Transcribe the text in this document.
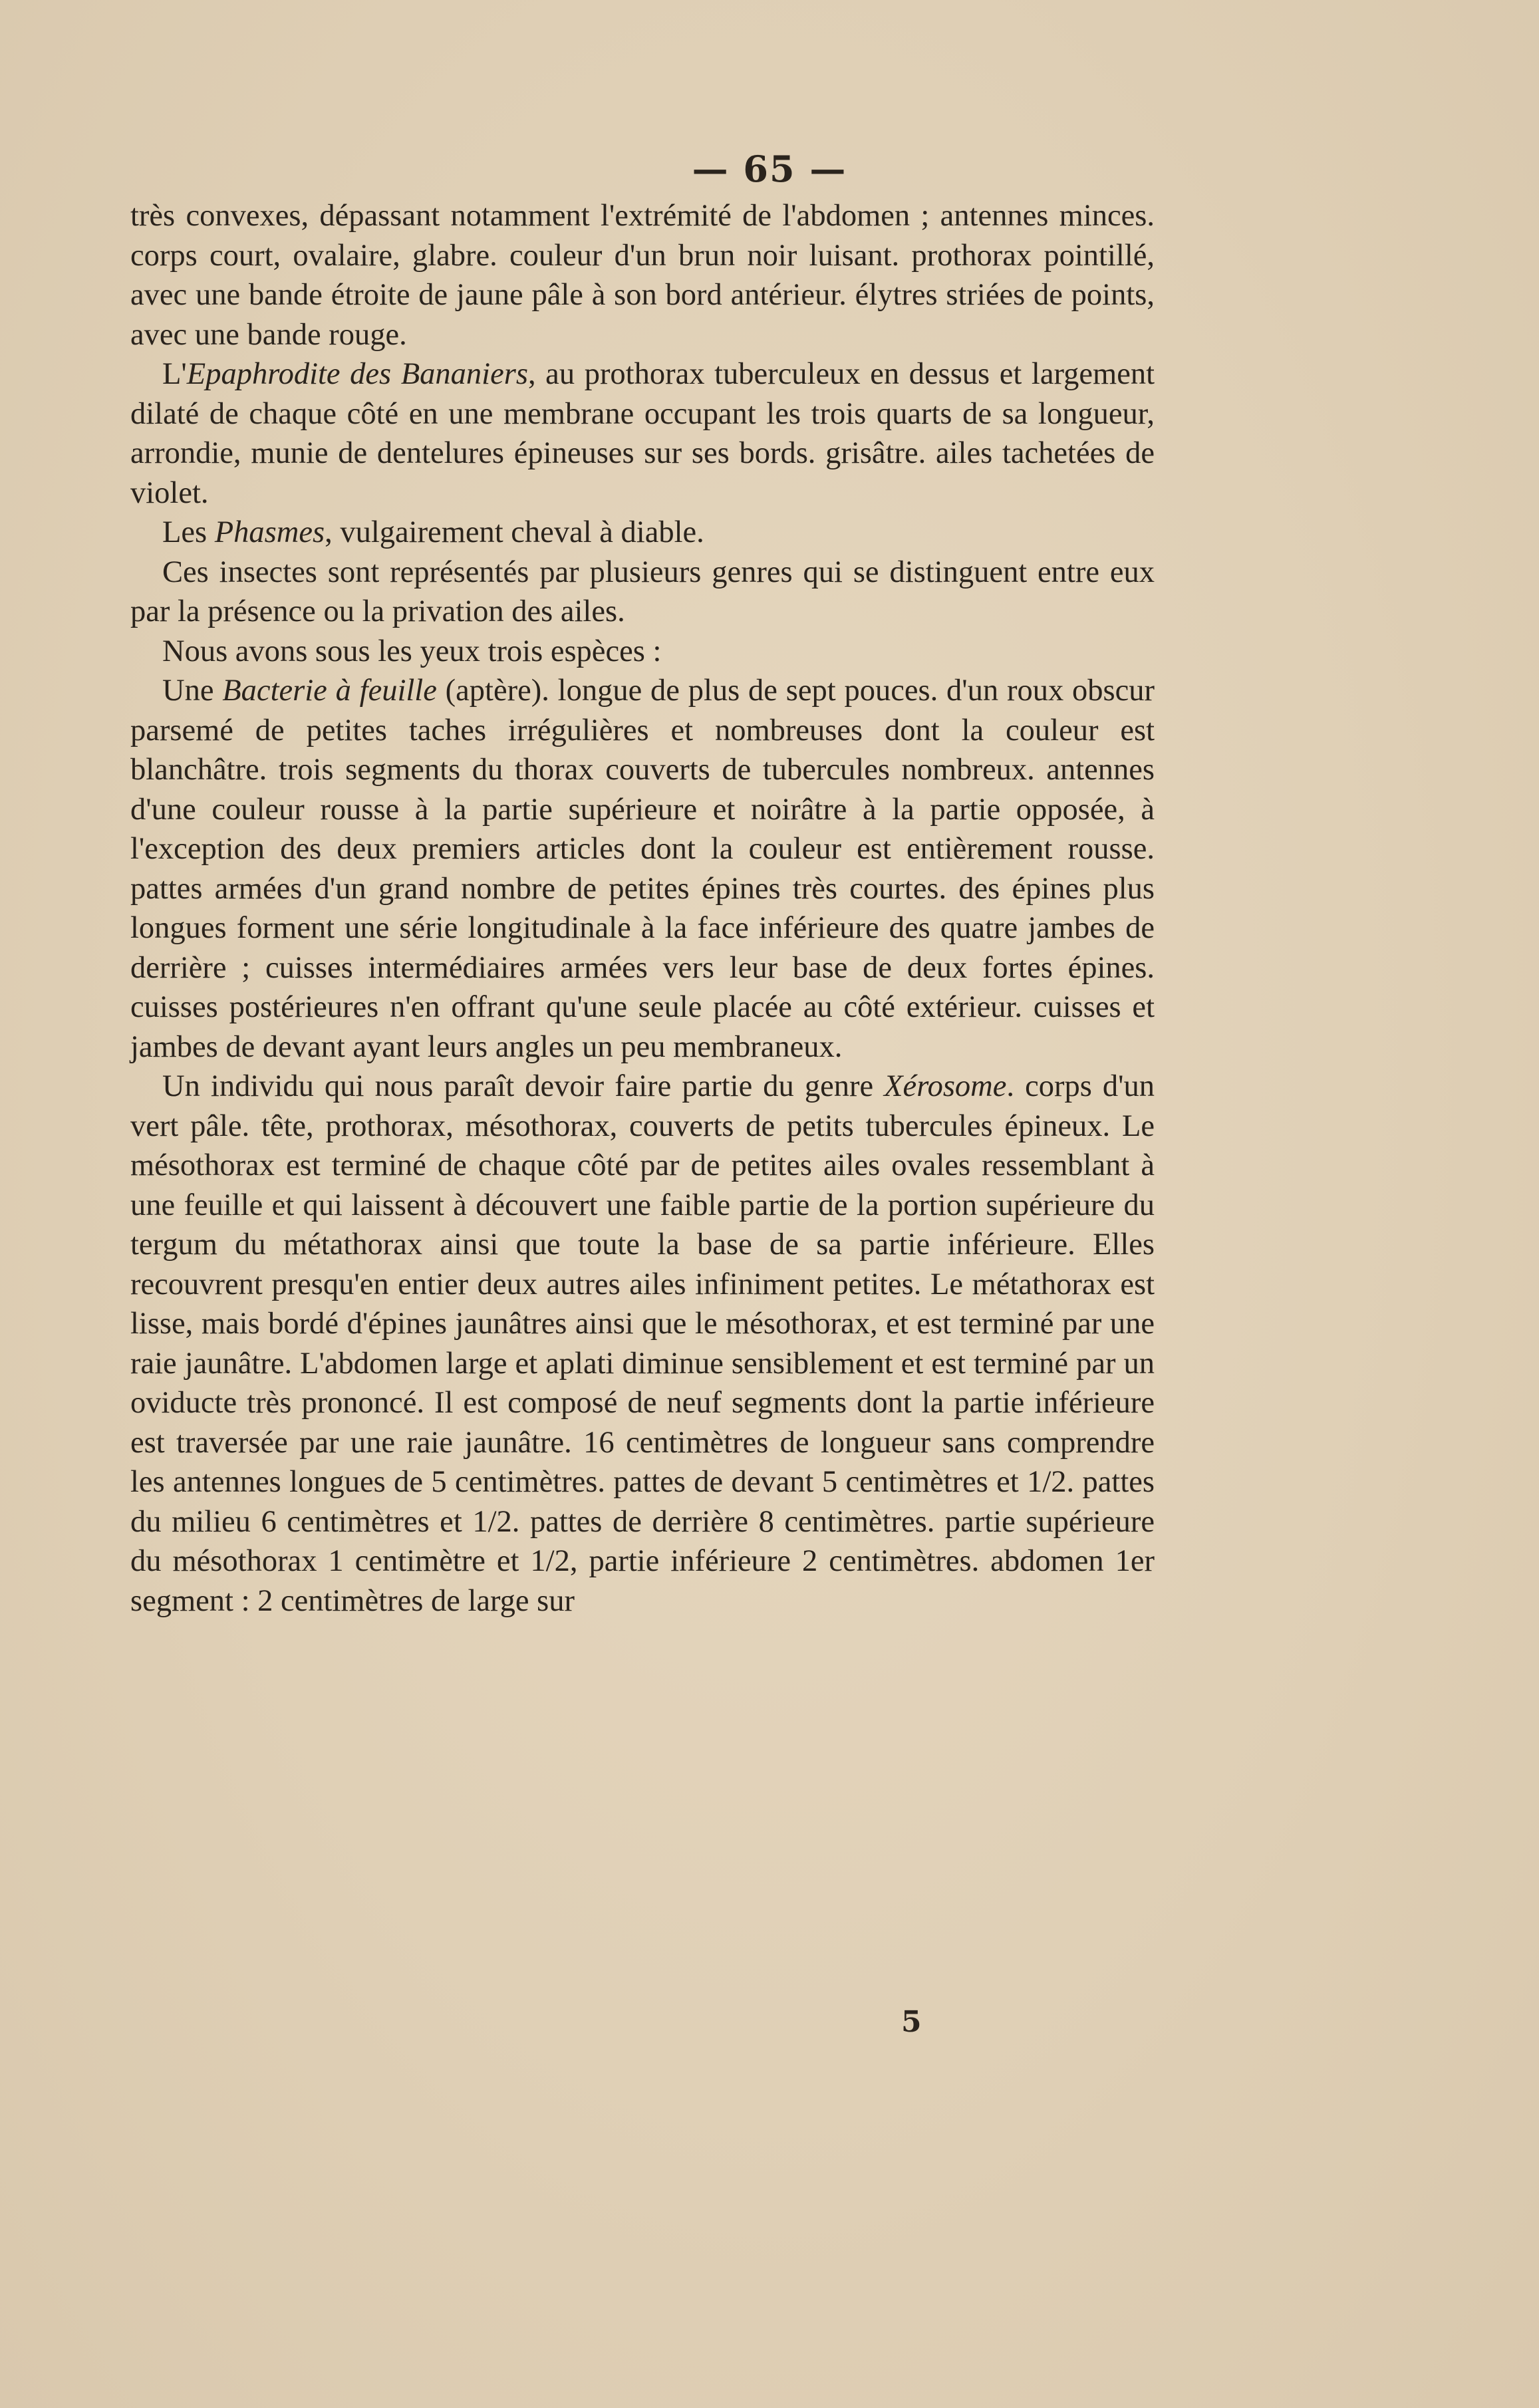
— 65 —

très convexes, dépassant notamment l'extrémité de l'abdomen ; antennes minces. corps court, ovalaire, glabre. couleur d'un brun noir luisant. prothorax pointillé, avec une bande étroite de jaune pâle à son bord antérieur. élytres striées de points, avec une bande rouge.

L'Epaphrodite des Bananiers, au prothorax tuberculeux en dessus et largement dilaté de chaque côté en une membrane occupant les trois quarts de sa longueur, arrondie, munie de dentelures épineuses sur ses bords. grisâtre. ailes tachetées de violet.

Les Phasmes, vulgairement cheval à diable.

Ces insectes sont représentés par plusieurs genres qui se distinguent entre eux par la présence ou la privation des ailes.

Nous avons sous les yeux trois espèces :

Une Bacterie à feuille (aptère). longue de plus de sept pouces. d'un roux obscur parsemé de petites taches irrégulières et nombreuses dont la couleur est blanchâtre. trois segments du thorax couverts de tubercules nombreux. antennes d'une couleur rousse à la partie supérieure et noirâtre à la partie opposée, à l'exception des deux premiers articles dont la couleur est entièrement rousse. pattes armées d'un grand nombre de petites épines très courtes. des épines plus longues forment une série longitudinale à la face inférieure des quatre jambes de derrière ; cuisses intermédiaires armées vers leur base de deux fortes épines. cuisses postérieures n'en offrant qu'une seule placée au côté extérieur. cuisses et jambes de devant ayant leurs angles un peu membraneux.

Un individu qui nous paraît devoir faire partie du genre Xérosome. corps d'un vert pâle. tête, prothorax, mésothorax, couverts de petits tubercules épineux. Le mésothorax est terminé de chaque côté par de petites ailes ovales ressemblant à une feuille et qui laissent à découvert une faible partie de la portion supérieure du tergum du métathorax ainsi que toute la base de sa partie inférieure. Elles recouvrent presqu'en entier deux autres ailes infiniment petites. Le métathorax est lisse, mais bordé d'épines jaunâtres ainsi que le mésothorax, et est terminé par une raie jaunâtre. L'abdomen large et aplati diminue sensiblement et est terminé par un oviducte très prononcé. Il est composé de neuf segments dont la partie inférieure est traversée par une raie jaunâtre. 16 centimètres de longueur sans comprendre les antennes longues de 5 centimètres. pattes de devant 5 centimètres et 1/2. pattes du milieu 6 centimètres et 1/2. pattes de derrière 8 centimètres. partie supérieure du mésothorax 1 centimètre et 1/2, partie inférieure 2 centimètres. abdomen 1er segment : 2 centimètres de large sur

5
